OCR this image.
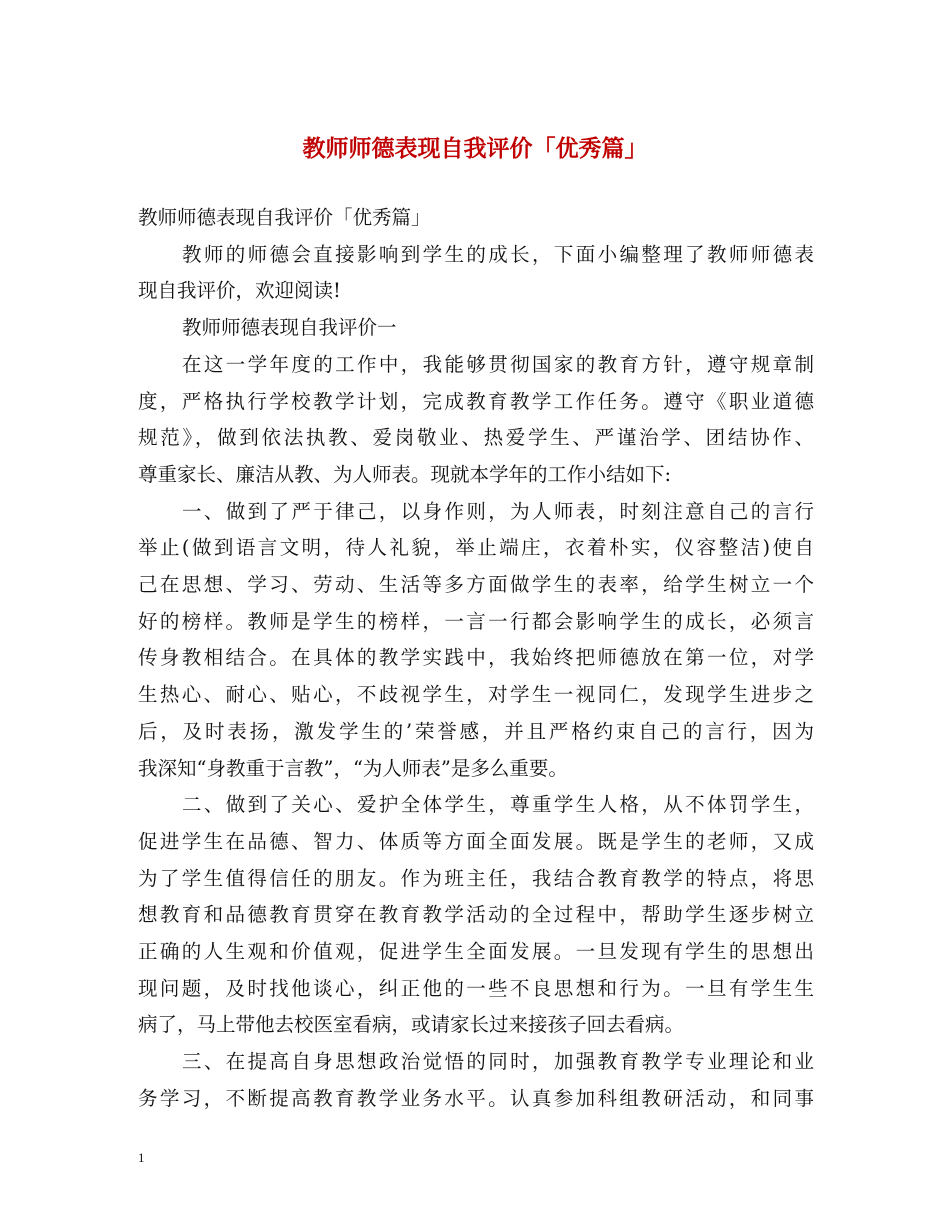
教师师德表现自我评价「优秀篇」
教师师德表现自我评价「优秀篇」
教师的师德会直接影响到学生的成长，下面小编整理了教师师德表
现自我评价，欢迎阅读!
教师师德表现自我评价一
在这一学年度的工作中，我能够贯彻国家的教育方针，遵守规章制
度，严格执行学校教学计划，完成教育教学工作任务。遵守《职业道德
规范》，做到依法执教、爱岗敬业、热爱学生、严谨治学、团结协作、
尊重家长、廉洁从教、为人师表。现就本学年的工作小结如下:
一、做到了严于律己，以身作则，为人师表，时刻注意自己的言行
举止(做到语言文明，待人礼貌，举止端庄，衣着朴实，仪容整洁)使自
己在思想、学习、劳动、生活等多方面做学生的表率，给学生树立一个
好的榜样。教师是学生的榜样，一言一行都会影响学生的成长，必须言
传身教相结合。在具体的教学实践中，我始终把师德放在第一位，对学
生热心、耐心、贴心，不歧视学生，对学生一视同仁，发现学生进步之
后，及时表扬，激发学生的’荣誉感，并且严格约束自己的言行，因为
我深知“身教重于言教”，“为人师表”是多么重要。
二、做到了关心、爱护全体学生，尊重学生人格，从不体罚学生，
促进学生在品德、智力、体质等方面全面发展。既是学生的老师，又成
为了学生值得信任的朋友。作为班主任，我结合教育教学的特点，将思
想教育和品德教育贯穿在教育教学活动的全过程中，帮助学生逐步树立
正确的人生观和价值观，促进学生全面发展。一旦发现有学生的思想出
现问题，及时找他谈心，纠正他的一些不良思想和行为。一旦有学生生
病了，马上带他去校医室看病，或请家长过来接孩子回去看病。
三、在提高自身思想政治觉悟的同时，加强教育教学专业理论和业
务学习，不断提高教育教学业务水平。认真参加科组教研活动，和同事
1
